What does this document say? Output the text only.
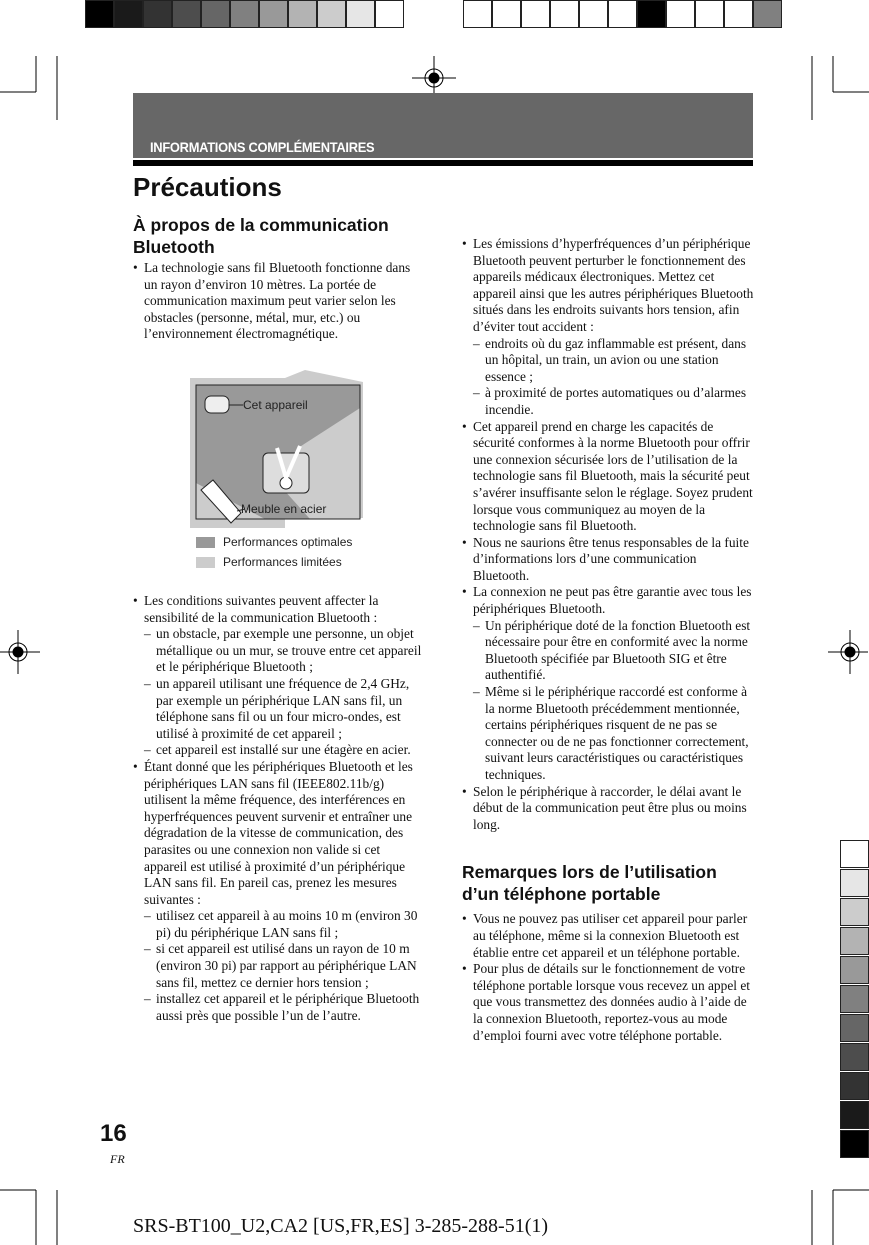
INFORMATIONS COMPLÉMENTAIRES
Précautions
À propos de la communication Bluetooth
• La technologie sans fil Bluetooth fonctionne dans un rayon d’environ 10 mètres. La portée de communication maximum peut varier selon les obstacles (personne, métal, mur, etc.) ou l’environnement électromagnétique.
Cet appareil
Meuble en acier
Performances optimales
Performances limitées
• Les conditions suivantes peuvent affecter la sensibilité de la communication Bluetooth :
– un obstacle, par exemple une personne, un objet métallique ou un mur, se trouve entre cet appareil et le périphérique Bluetooth ;
– un appareil utilisant une fréquence de 2,4 GHz, par exemple un périphérique LAN sans fil, un téléphone sans fil ou un four micro-ondes, est utilisé à proximité de cet appareil ;
– cet appareil est installé sur une étagère en acier.
• Étant donné que les périphériques Bluetooth et les périphériques LAN sans fil (IEEE802.11b/g) utilisent la même fréquence, des interférences en hyperfréquences peuvent survenir et entraîner une dégradation de la vitesse de communication, des parasites ou une connexion non valide si cet appareil est utilisé à proximité d’un périphérique LAN sans fil. En pareil cas, prenez les mesures suivantes :
– utilisez cet appareil à au moins 10 m (environ 30 pi) du périphérique LAN sans fil ;
– si cet appareil est utilisé dans un rayon de 10 m (environ 30 pi) par rapport au périphérique LAN sans fil, mettez ce dernier hors tension ;
– installez cet appareil et le périphérique Bluetooth aussi près que possible l’un de l’autre.
• Les émissions d’hyperfréquences d’un périphérique Bluetooth peuvent perturber le fonctionnement des appareils médicaux électroniques. Mettez cet appareil ainsi que les autres périphériques Bluetooth situés dans les endroits suivants hors tension, afin d’éviter tout accident :
– endroits où du gaz inflammable est présent, dans un hôpital, un train, un avion ou une station essence ;
– à proximité de portes automatiques ou d’alarmes incendie.
• Cet appareil prend en charge les capacités de sécurité conformes à la norme Bluetooth pour offrir une connexion sécurisée lors de l’utilisation de la technologie sans fil Bluetooth, mais la sécurité peut s’avérer insuffisante selon le réglage. Soyez prudent lorsque vous communiquez au moyen de la technologie sans fil Bluetooth.
• Nous ne saurions être tenus responsables de la fuite d’informations lors d’une communication Bluetooth.
• La connexion ne peut pas être garantie avec tous les périphériques Bluetooth.
– Un périphérique doté de la fonction Bluetooth est nécessaire pour être en conformité avec la norme Bluetooth spécifiée par Bluetooth SIG et être authentifié.
– Même si le périphérique raccordé est conforme à la norme Bluetooth précédemment mentionnée, certains périphériques risquent de ne pas se connecter ou de ne pas fonctionner correctement, suivant leurs caractéristiques ou caractéristiques techniques.
• Selon le périphérique à raccorder, le délai avant le début de la communication peut être plus ou moins long.
Remarques lors de l’utilisation d’un téléphone portable
• Vous ne pouvez pas utiliser cet appareil pour parler au téléphone, même si la connexion Bluetooth est établie entre cet appareil et un téléphone portable.
• Pour plus de détails sur le fonctionnement de votre téléphone portable lorsque vous recevez un appel et que vous transmettez des données audio à l’aide de la connexion Bluetooth, reportez-vous au mode d’emploi fourni avec votre téléphone portable.
16
FR
SRS-BT100_U2,CA2 [US,FR,ES] 3-285-288-51(1)
